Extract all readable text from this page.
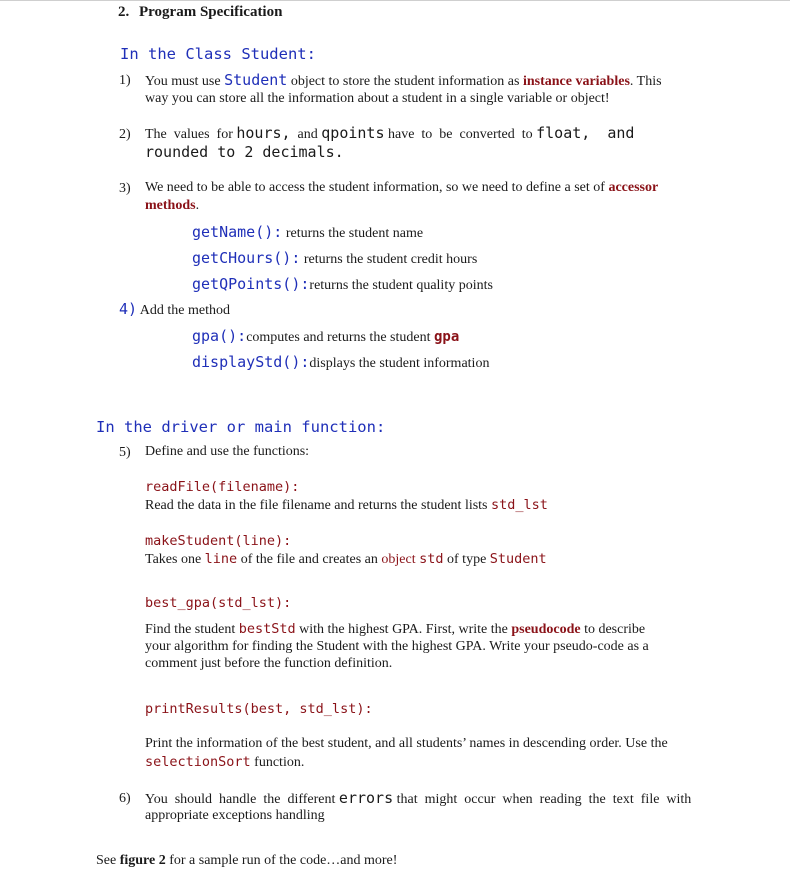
2. Program Specification
In the Class Student:
1) You must use Student object to store the student information as instance variables. This
way you can store all the information about a student in a single variable or object!
2) The  values  for hours,  and qpoints have  to  be  converted  to float, and
rounded to 2 decimals.
3) We need to be able to access the student information, so we need to define a set of accessor
methods.
getName(): returns the student name
getCHours(): returns the student credit hours
getQPoints():returns the student quality points
4) Add the method
gpa():computes and returns the student gpa
displayStd():displays the student information
In the driver or main function:
5) Define and use the functions:
readFile(filename):
Read the data in the file filename and returns the student lists std_lst
makeStudent(line):
Takes one line of the file and creates an object std of type Student
best_gpa(std_lst):
Find the student bestStd with the highest GPA. First, write the pseudocode to describe
your algorithm for finding the Student with the highest GPA. Write your pseudo-code as a
comment just before the function definition.
printResults(best, std_lst):
Print the information of the best student, and all students’ names in descending order. Use the
selectionSort function.
6) You  should  handle  the  different errors that  might  occur  when  reading  the  text  file  with
appropriate exceptions handling
See figure 2 for a sample run of the code…and more!
